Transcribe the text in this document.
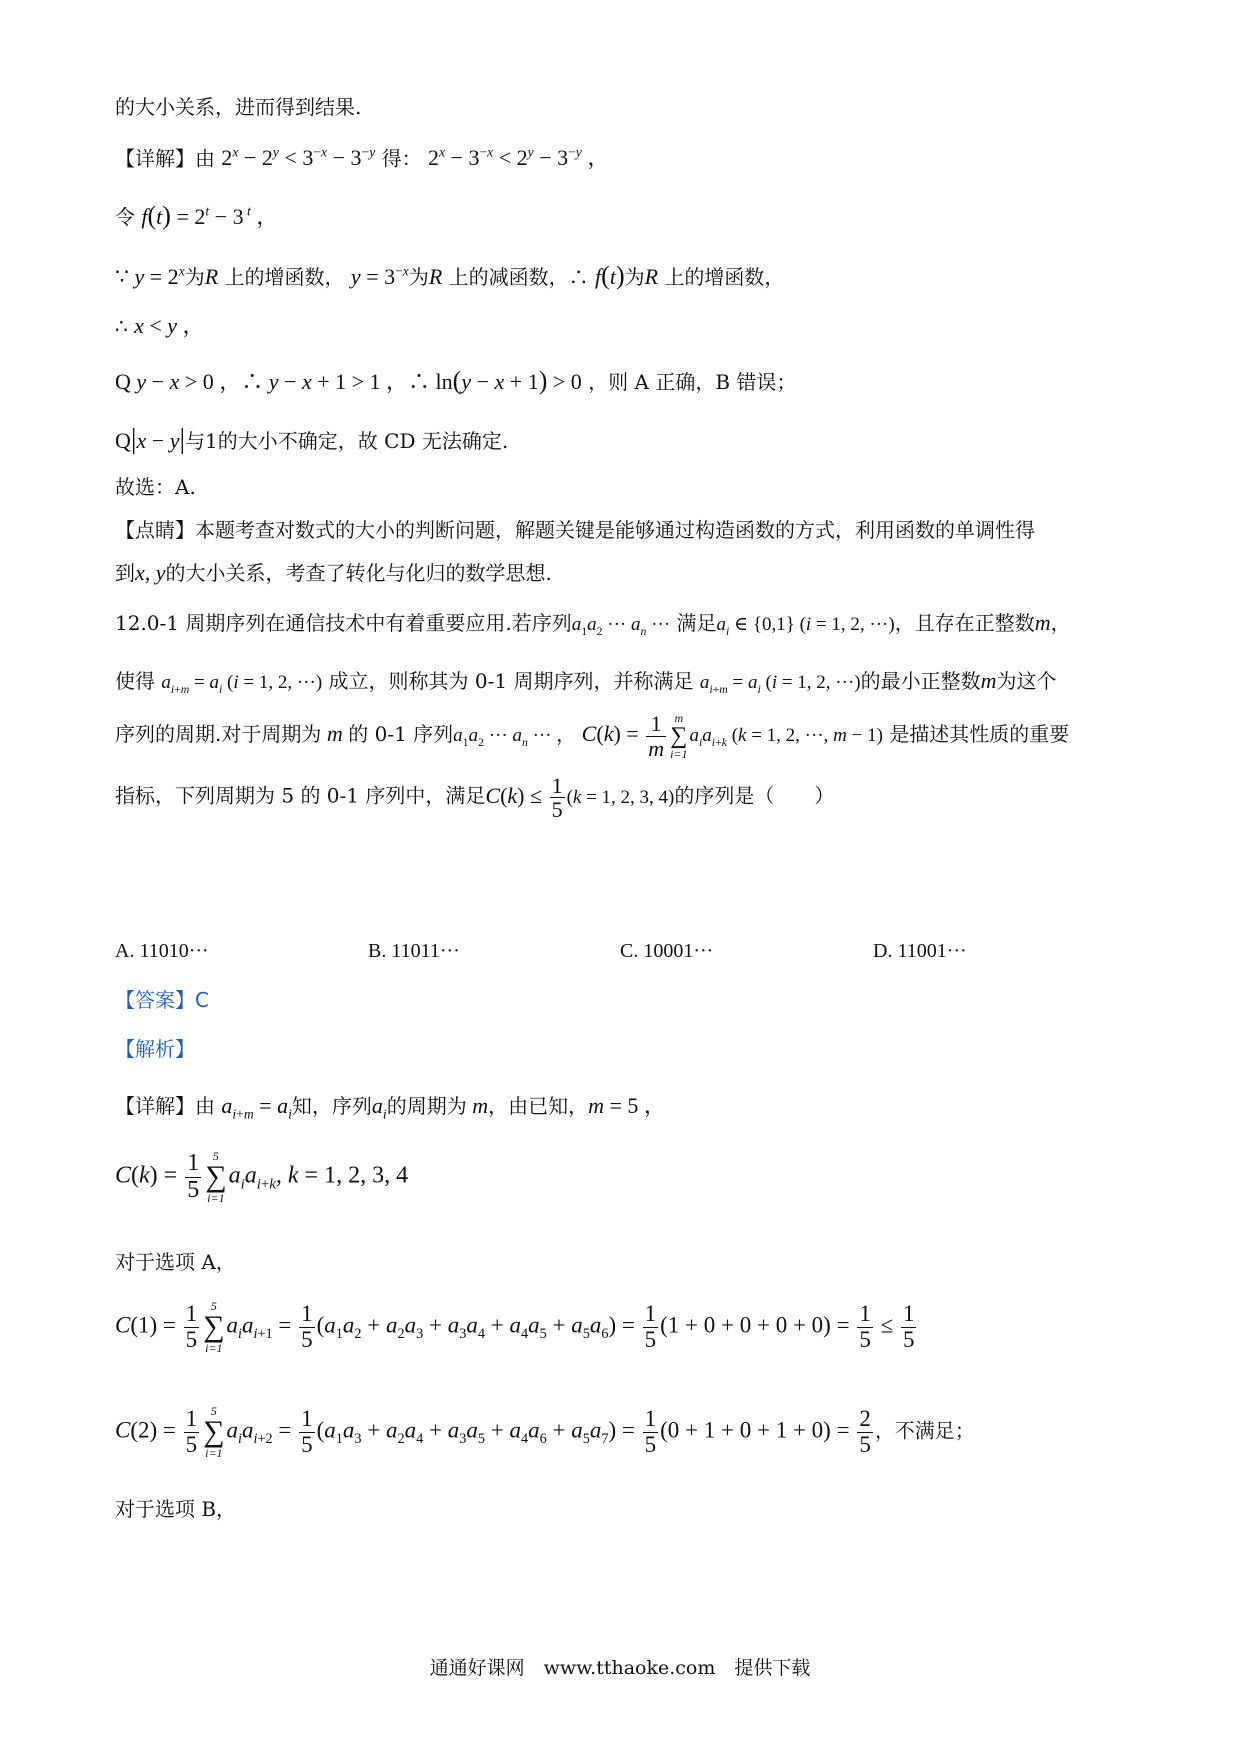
的大小关系，进而得到结果.
【详解】由 $2^x - 2^y < 3^{-x} - 3^{-y}$ 得： $2^x - 3^{-x} < 2^y - 3^{-y}$ ，
令 $f(t) = 2^t - 3$ $^t$ ，
∵ $y = 2^x$为R 上的增函数， $y = 3^{-x}$为R 上的减函数，∴ f(t)为R 上的增函数，
∴ x < y ，
Q y − x > 0 ，∴ y − x + 1 > 1 ，∴ ln(y − x + 1) > 0 ，则 A 正确，B 错误；
Q|x − y|与1的大小不确定，故 CD 无法确定.
故选：A.
【点睛】本题考查对数式的大小的判断问题，解题关键是能够通过构造函数的方式，利用函数的单调性得
到x, y的大小关系，考查了转化与化归的数学思想.
12.0-1 周期序列在通信技术中有着重要应用.若序列$a_1a_2$ ··· $a_n$ ··· 满足$a_i$ ∈ {0,1} (i = 1, 2, ···)，且存在正整数m，
使得 $a_{i+m} = a_i$ (i = 1, 2, ···) 成立，则称其为 0-1 周期序列，并称满足 $a_{i+m} = a_i$ (i = 1, 2, ···)的最小正整数m为这个
序列的周期.对于周期为 m 的 0-1 序列$a_1a_2$ ··· $a_n$ ··· ， $C(k) = \frac{1}{m}$ m
∑
i=1
$a_ia_{i+k}$ (k = 1, 2, ···, m − 1) 是描述其性质的重要
指标，下列周期为 5 的 0-1 序列中，满足$C(k) \le \frac{1}{5} (k = 1$, 2, 3, 4)的序列是（　　）
A. 11010···	B. 11011···	C. 10001···	D. 11001···
【答案】C
【解析】
【详解】由 $a_{i+m} = a_i$知，序列$a_i$的周期为 m，由已知，m = 5 ，
$C(k) = \frac{1}{5} 5$
∑
i=1
$a_ia_{i+k}$, k = 1, 2, 3, 4
对于选项 A，
$C(1) = \frac{1}{5} 5$
∑
i=1
$a_ia_{i+1} = \frac{1}{5} (a_1a_2 + a_2a_3 + a_3a_4 + a_4a_5 + a_5a_6) = \frac{1}{5} (1 + 0 + 0 + 0 + 0) = \frac{1}{5} \le \frac{1}{5}$
$C(2) = \frac{1}{5} 5$
∑
i=1
$a_ia_{i+2} = \frac{1}{5} (a_1a_3 + a_2a_4 + a_3a_5 + a_4a_6 + a_5a_7) = \frac{1}{5} (0 + 1 + 0 + 1 + 0) = \frac{2}{5}$ ，不满足；
对于选项 B，
通通好课网　www.tthaoke.com　提供下载
